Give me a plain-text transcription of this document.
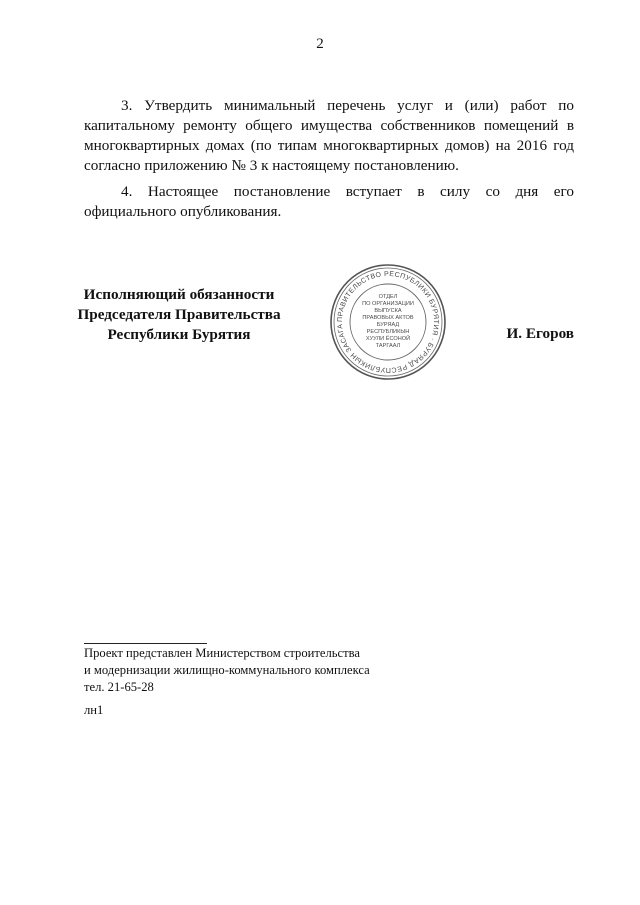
2

3. Утвердить минимальный перечень услуг и (или) работ по капитальному ремонту общего имущества собственников помещений в многоквартирных домах (по типам многоквартирных домов) на 2016 год согласно приложению № 3 к настоящему постановлению.

4. Настоящее постановление вступает в силу со дня его официального опубликования.

Исполняющий обязанности
Председателя Правительства
Республики Бурятия
ПРАВИТЕЛЬСТВО РЕСПУБЛИКИ БУРЯТИЯ · БУРЯАД РЕСПУБЛИКЫН ЗАСАГА
ОТДЕЛ
ПО ОРГАНИЗАЦИИ
ВЫПУСКА
ПРАВОВЫХ АКТОВ
БУРЯАД
РЕСПУБЛИКЫН
ХУУЛИ ЁСОНОЙ
ТАРГААЛ
И. Егоров
Проект представлен Министерством строительства
и модернизации жилищно-коммунального комплекса
тел. 21-65-28
лн1
